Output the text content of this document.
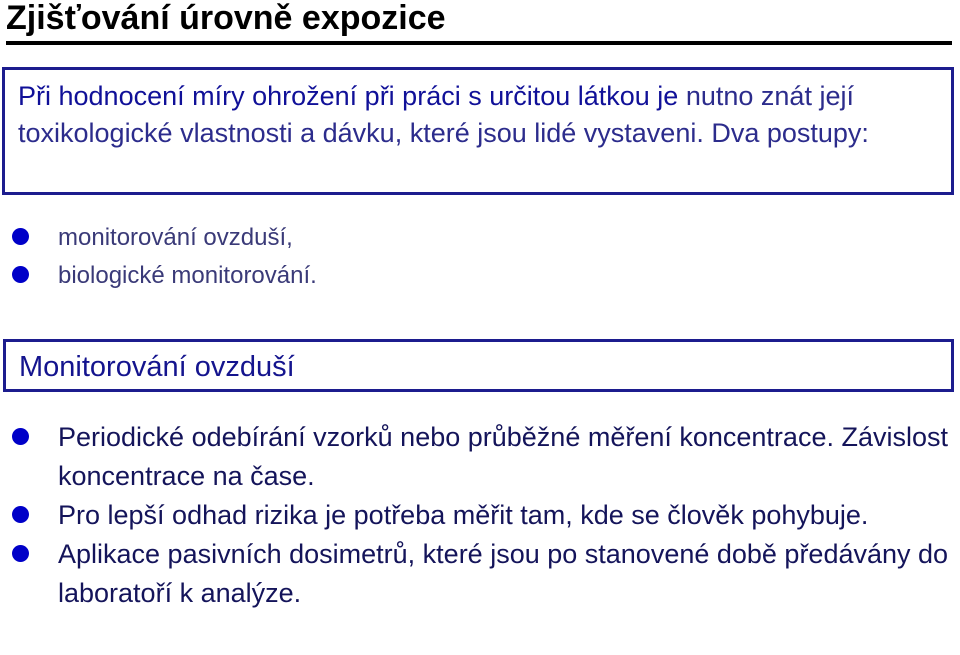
Zjišťování úrovně expozice

Při hodnocení míry ohrožení při práci s určitou látkou je nutno znát její toxikologické vlastnosti a dávku, které jsou lidé vystaveni. Dva postupy:

monitorování ovzduší,
biologické monitorování.
Monitorování ovzduší
Periodické odebírání vzorků nebo průběžné měření koncentrace. Závislost koncentrace na čase.
Pro lepší odhad rizika je potřeba měřit tam, kde se člověk pohybuje.
Aplikace pasivních dosimetrů, které jsou po stanovené době předávány do laboratoří k analýze.
